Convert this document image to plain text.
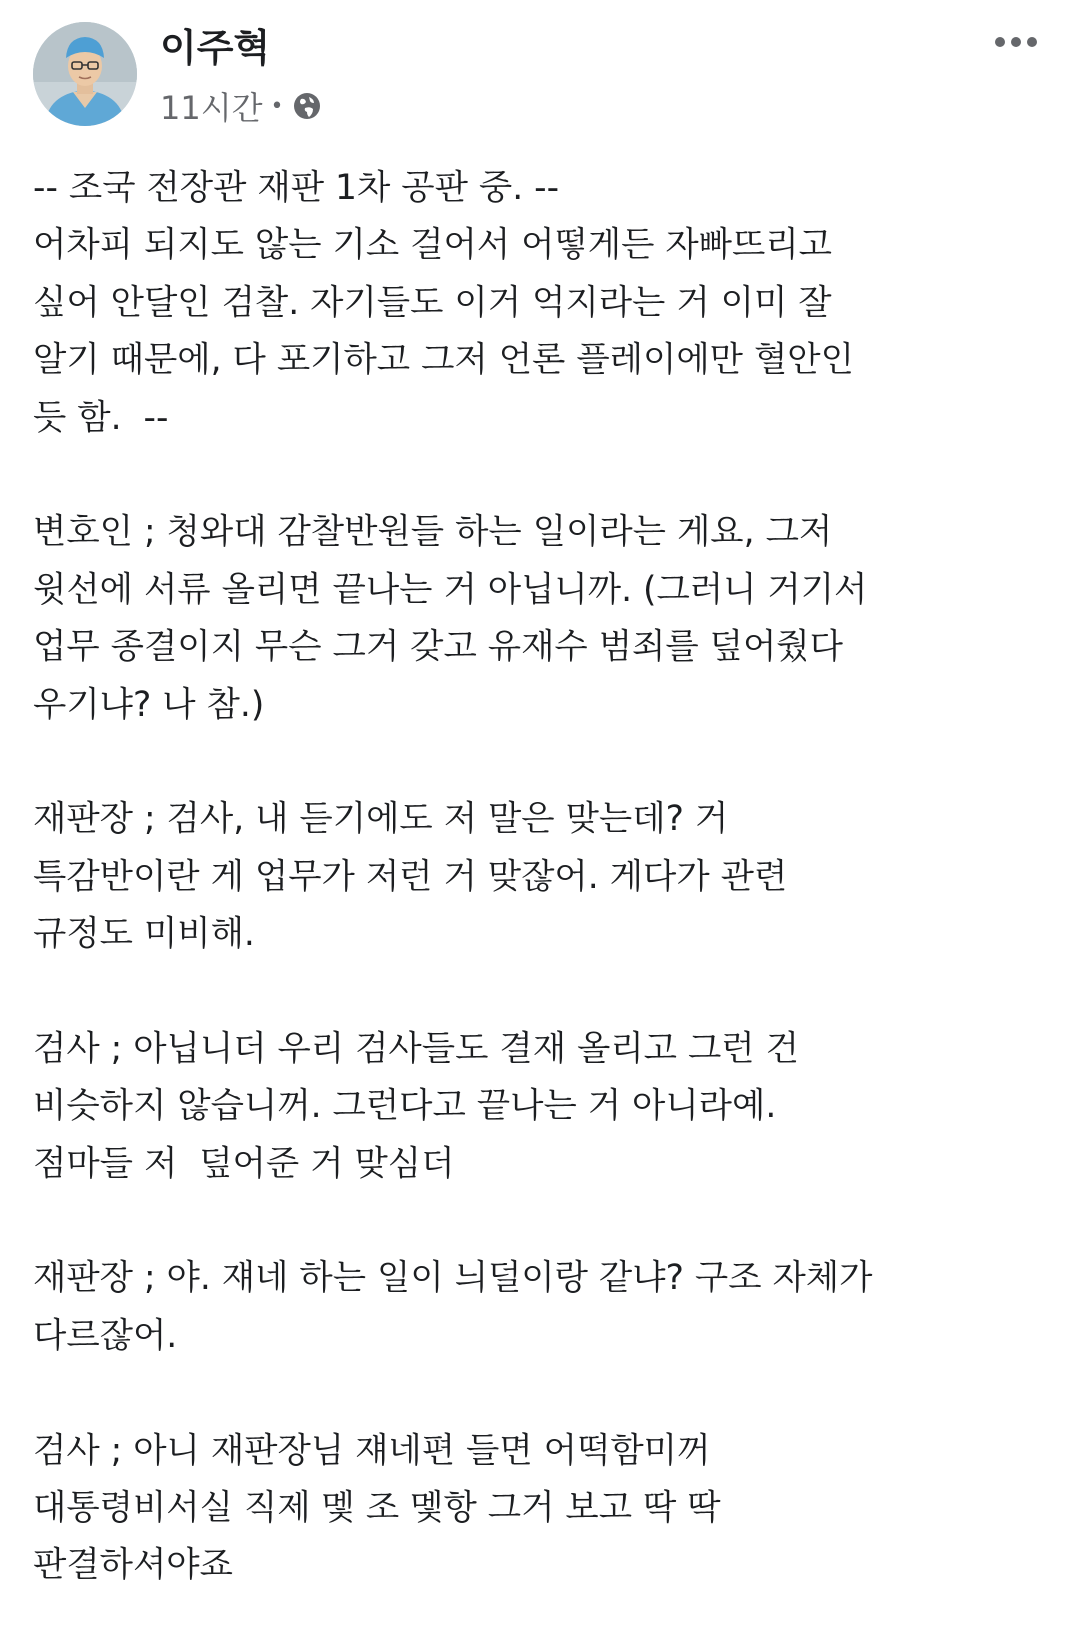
이주혁
11시간 •
-- 조국 전장관 재판 1차 공판 중. --
어차피 되지도 않는 기소 걸어서 어떻게든 자빠뜨리고
싶어 안달인 검찰. 자기들도 이거 억지라는 거 이미 잘
알기 때문에, 다 포기하고 그저 언론 플레이에만 혈안인
듯 함.  --
변호인 ; 청와대 감찰반원들 하는 일이라는 게요, 그저
윗선에 서류 올리면 끝나는 거 아닙니까. (그러니 거기서
업무 종결이지 무슨 그거 갖고 유재수 범죄를 덮어줬다
우기냐? 나 참.)
재판장 ; 검사, 내 듣기에도 저 말은 맞는데? 거
특감반이란 게 업무가 저런 거 맞잖어. 게다가 관련
규정도 미비해.
검사 ; 아닙니더 우리 검사들도 결재 올리고 그런 건
비슷하지 않습니꺼. 그런다고 끝나는 거 아니라예.
점마들 저  덮어준 거 맞심더
재판장 ; 야. 쟤네 하는 일이 늬덜이랑 같냐? 구조 자체가
다르잖어.
검사 ; 아니 재판장님 쟤네편 들면 어떡함미꺼
대통령비서실 직제 멫 조 멫항 그거 보고 딱 딱
판결하셔야죠
